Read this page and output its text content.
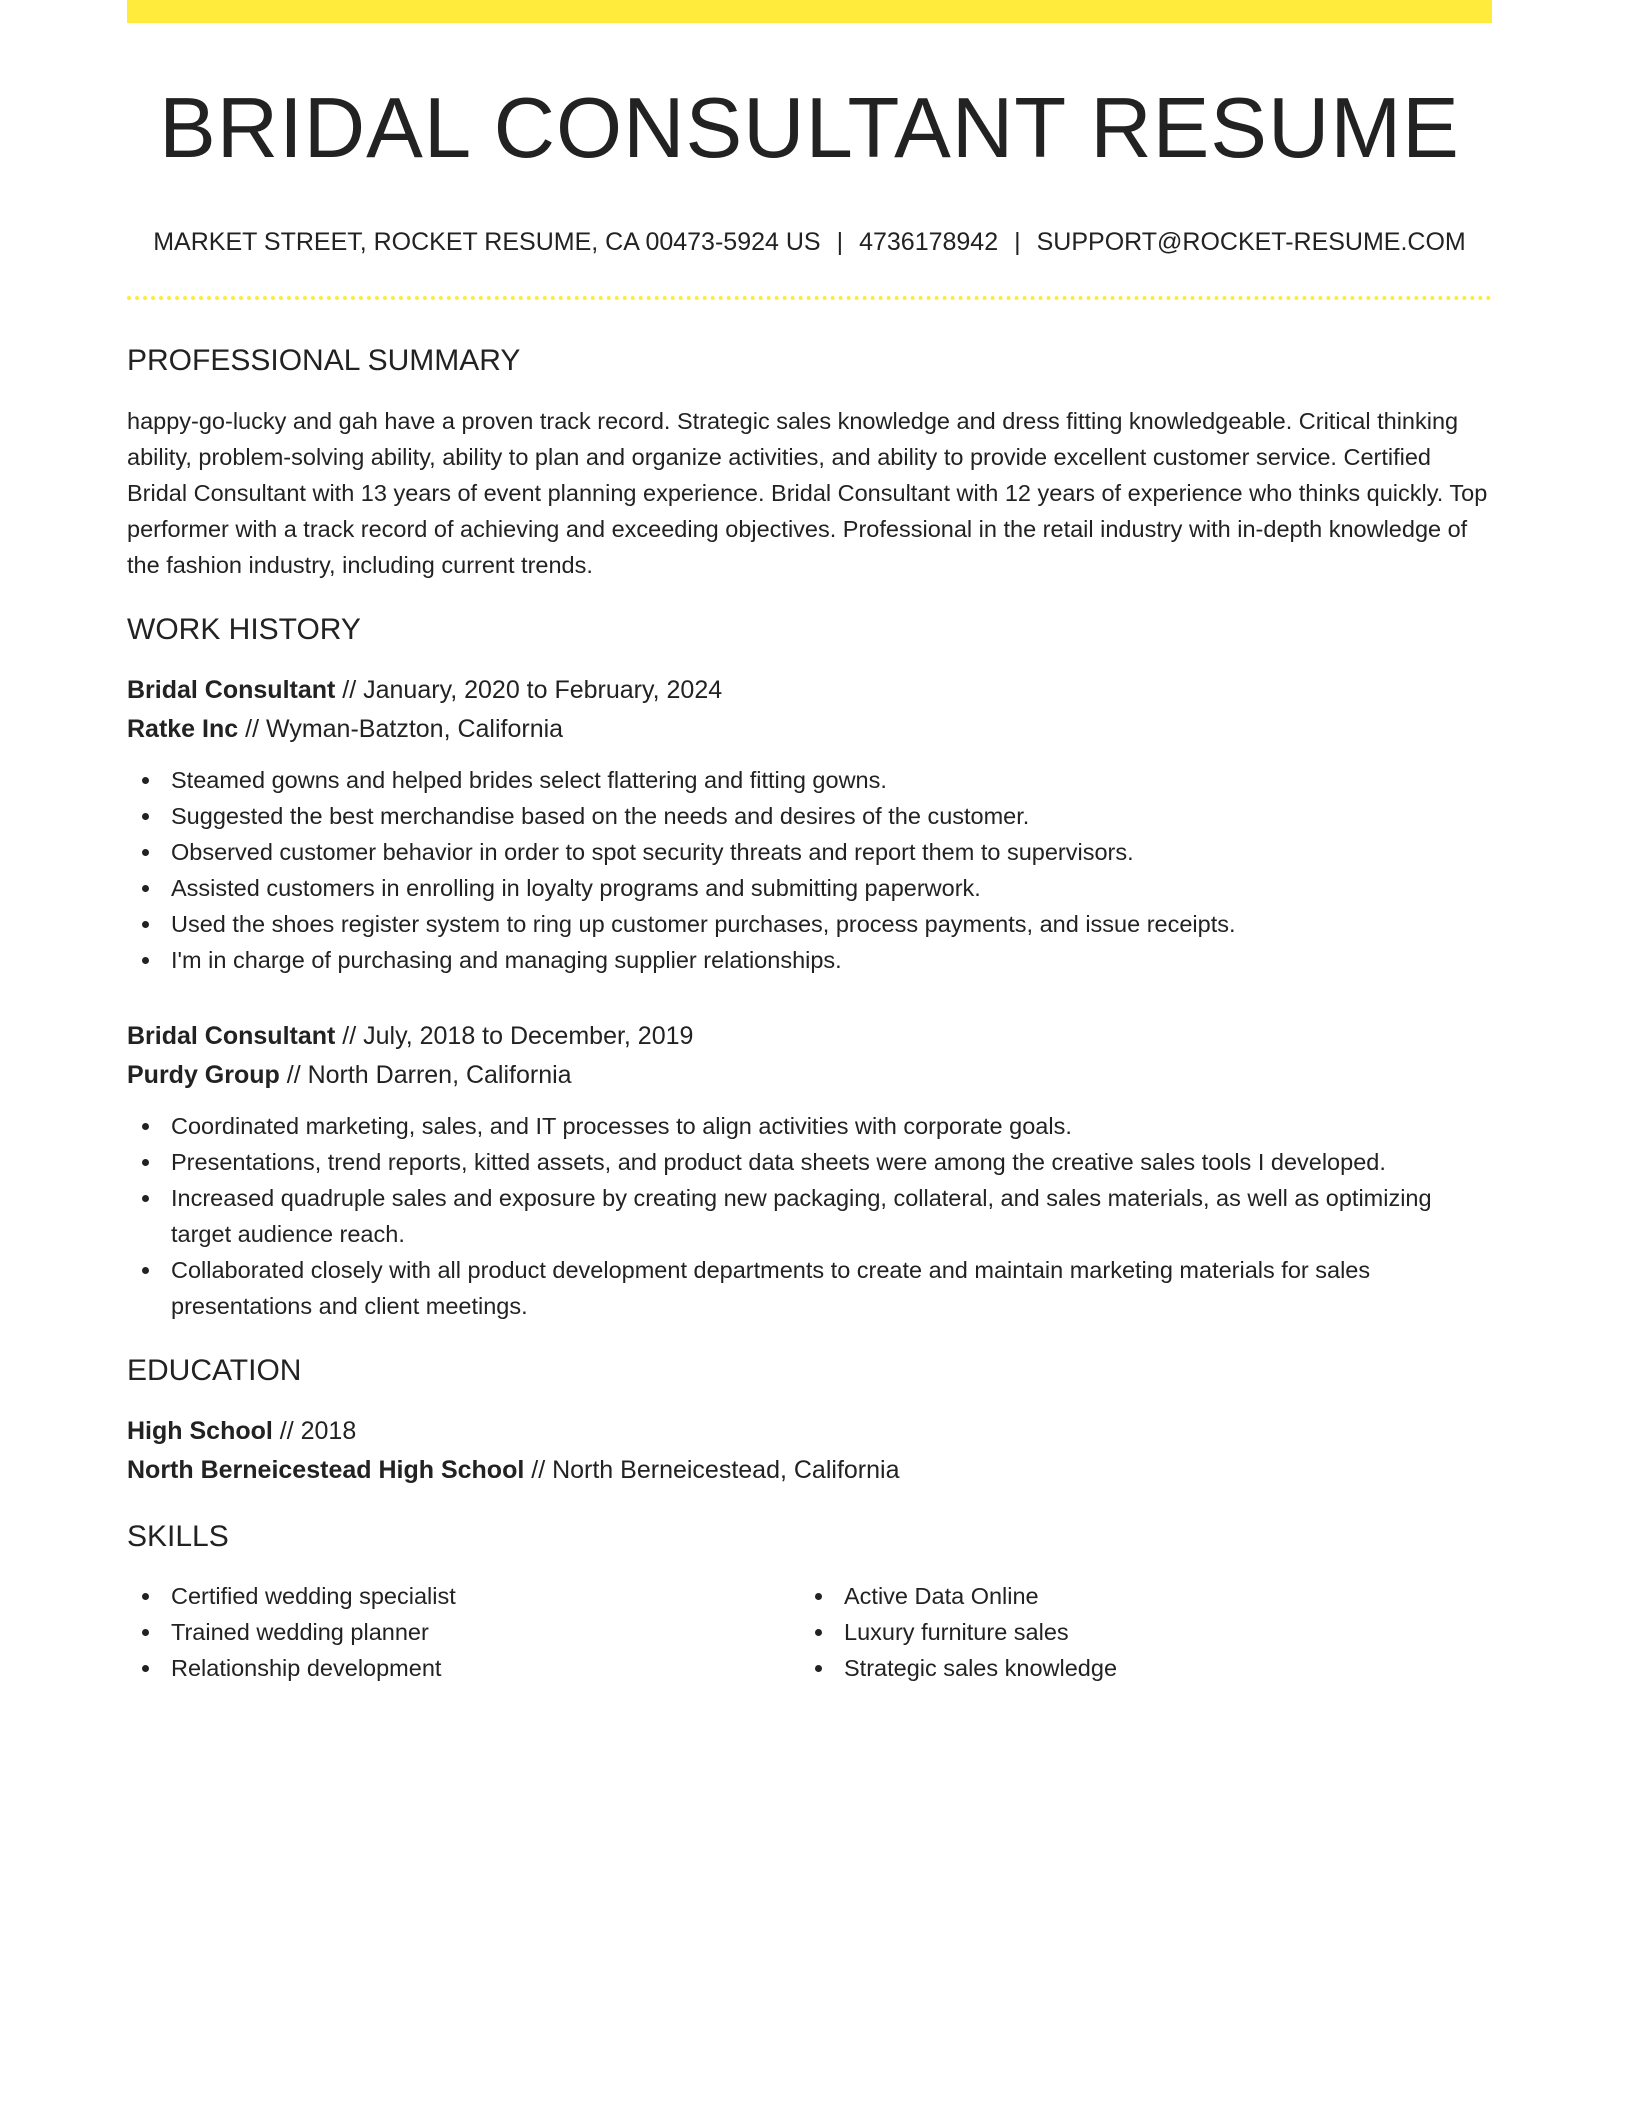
BRIDAL CONSULTANT RESUME
MARKET STREET, ROCKET RESUME, CA 00473-5924 US | 4736178942 | SUPPORT@ROCKET-RESUME.COM
PROFESSIONAL SUMMARY

happy-go-lucky and gah have a proven track record. Strategic sales knowledge and dress fitting knowledgeable. Critical thinking ability, problem-solving ability, ability to plan and organize activities, and ability to provide excellent customer service. Certified Bridal Consultant with 13 years of event planning experience. Bridal Consultant with 12 years of experience who thinks quickly. Top performer with a track record of achieving and exceeding objectives. Professional in the retail industry with in-depth knowledge of the fashion industry, including current trends.

WORK HISTORY
Bridal Consultant // January, 2020 to February, 2024
Ratke Inc // Wyman-Batzton, California
Steamed gowns and helped brides select flattering and fitting gowns.
Suggested the best merchandise based on the needs and desires of the customer.
Observed customer behavior in order to spot security threats and report them to supervisors.
Assisted customers in enrolling in loyalty programs and submitting paperwork.
Used the shoes register system to ring up customer purchases, process payments, and issue receipts.
I'm in charge of purchasing and managing supplier relationships.
Bridal Consultant // July, 2018 to December, 2019
Purdy Group // North Darren, California
Coordinated marketing, sales, and IT processes to align activities with corporate goals.
Presentations, trend reports, kitted assets, and product data sheets were among the creative sales tools I developed.
Increased quadruple sales and exposure by creating new packaging, collateral, and sales materials, as well as optimizing target audience reach.
Collaborated closely with all product development departments to create and maintain marketing materials for sales presentations and client meetings.
EDUCATION
High School // 2018
North Berneicestead High School // North Berneicestead, California
SKILLS
Certified wedding specialist
Trained wedding planner
Relationship development
Active Data Online
Luxury furniture sales
Strategic sales knowledge
